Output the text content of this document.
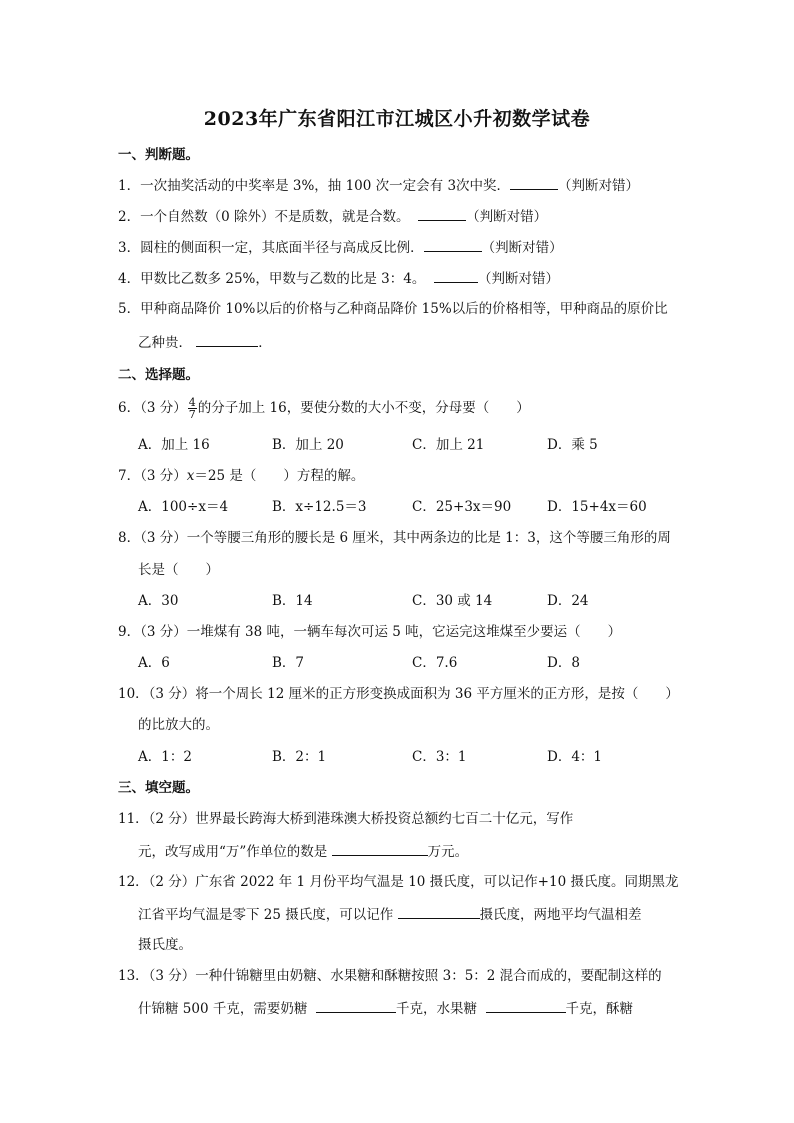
2023年广东省阳江市江城区小升初数学试卷
一、判断题。
1．一次抽奖活动的中奖率是 3%，抽 100 次一定会有 3次中奖．	（判断对错）
2．一个自然数（0 除外）不是质数，就是合数。	（判断对错）
3．圆柱的侧面积一定，其底面半径与高成反比例．	（判断对错）
4．甲数比乙数多 25%，甲数与乙数的比是 3：4。	（判断对错）
5．甲种商品降价 10%以后的价格与乙种商品降价 15%以后的价格相等，甲种商品的原价比
乙种贵．	．
二、选择题。
6．（3 分） $\frac{4}{7}$ 的分子加上 16，要使分数的大小不变，分母要（　　）
A．加上 16	B．加上 20	C．加上 21	D．乘 5
7．（3 分）x＝25 是（　　）方程的解。
A．100÷x＝4	B．x÷12.5＝3	C．25+3x＝90	D．15+4x＝60
8．（3 分）一个等腰三角形的腰长是 6 厘米，其中两条边的比是 1：3，这个等腰三角形的周
长是（　　）
A．30	B．14	C．30 或 14	D．24
9．（3 分）一堆煤有 38 吨，一辆车每次可运 5 吨，它运完这堆煤至少要运（　　）
A．6	B．7	C．7.6	D．8
10．（3 分）将一个周长 12 厘米的正方形变换成面积为 36 平方厘米的正方形，是按（　　）
的比放大的。
A．1：2	B．2：1	C．3：1	D．4：1
三、填空题。
11．（2 分）世界最长跨海大桥到港珠澳大桥投资总额约七百二十亿元，写作
元，改写成用“万”作单位的数是	万元。
12．（2 分）广东省 2022 年 1 月份平均气温是 10 摄氏度，可以记作+10 摄氏度。同期黑龙
江省平均气温是零下 25 摄氏度，可以记作	摄氏度，两地平均气温相差
摄氏度。
13．（3 分）一种什锦糖里由奶糖、水果糖和酥糖按照 3：5：2 混合而成的，要配制这样的
什锦糖 500 千克，需要奶糖	千克，水果糖	千克，酥糖
